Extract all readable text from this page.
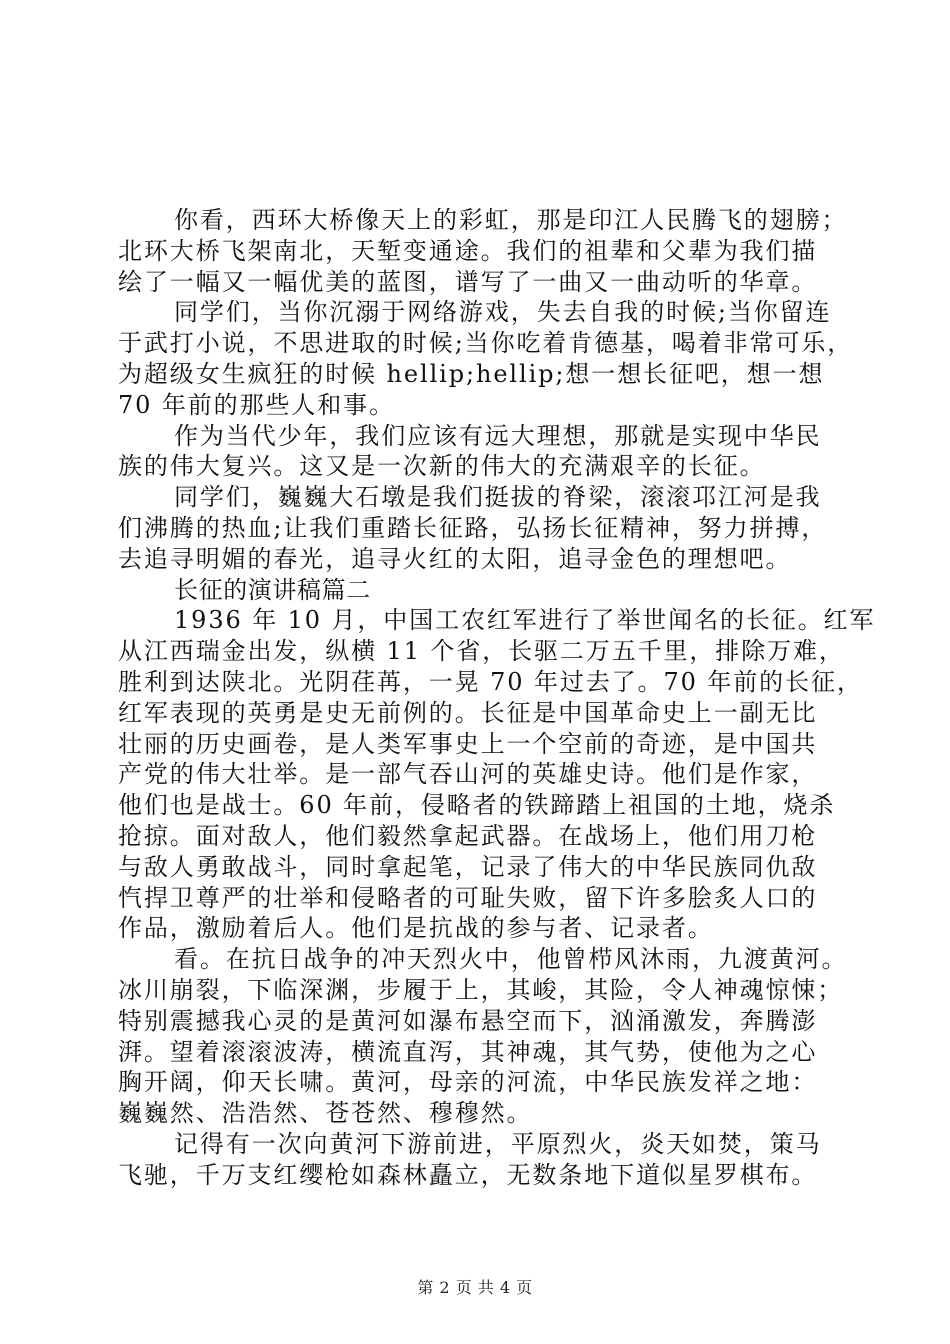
你看，西环大桥像天上的彩虹，那是印江人民腾飞的翅膀；
北环大桥飞架南北，天堑变通途。我们的祖辈和父辈为我们描
绘了一幅又一幅优美的蓝图，谱写了一曲又一曲动听的华章。
同学们，当你沉溺于网络游戏，失去自我的时候;当你留连
于武打小说，不思进取的时候;当你吃着肯德基，喝着非常可乐，
为超级女生疯狂的时候 hellip;hellip;想一想长征吧，想一想
70 年前的那些人和事。
作为当代少年，我们应该有远大理想，那就是实现中华民
族的伟大复兴。这又是一次新的伟大的充满艰辛的长征。
同学们，巍巍大石墩是我们挺拔的脊梁，滚滚邛江河是我
们沸腾的热血;让我们重踏长征路，弘扬长征精神，努力拼搏，
去追寻明媚的春光，追寻火红的太阳，追寻金色的理想吧。
长征的演讲稿篇二
1936 年 10 月，中国工农红军进行了举世闻名的长征。红军
从江西瑞金出发，纵横 11 个省，长驱二万五千里，排除万难，
胜利到达陕北。光阴荏苒，一晃 70 年过去了。70 年前的长征，
红军表现的英勇是史无前例的。长征是中国革命史上一副无比
壮丽的历史画卷，是人类军事史上一个空前的奇迹，是中国共
产党的伟大壮举。是一部气吞山河的英雄史诗。他们是作家，
他们也是战士。60 年前，侵略者的铁蹄踏上祖国的土地，烧杀
抢掠。面对敌人，他们毅然拿起武器。在战场上，他们用刀枪
与敌人勇敢战斗，同时拿起笔，记录了伟大的中华民族同仇敌
忾捍卫尊严的壮举和侵略者的可耻失败，留下许多脍炙人口的
作品，激励着后人。他们是抗战的参与者、记录者。
看。在抗日战争的冲天烈火中，他曾栉风沐雨，九渡黄河。
冰川崩裂，下临深渊，步履于上，其峻，其险，令人神魂惊悚；
特别震撼我心灵的是黄河如瀑布悬空而下，汹涌激发，奔腾澎
湃。望着滚滚波涛，横流直泻，其神魂，其气势，使他为之心
胸开阔，仰天长啸。黄河，母亲的河流，中华民族发祥之地：
巍巍然、浩浩然、苍苍然、穆穆然。
记得有一次向黄河下游前进，平原烈火，炎天如焚，策马
飞驰，千万支红缨枪如森林矗立，无数条地下道似星罗棋布。
第 2 页 共 4 页
